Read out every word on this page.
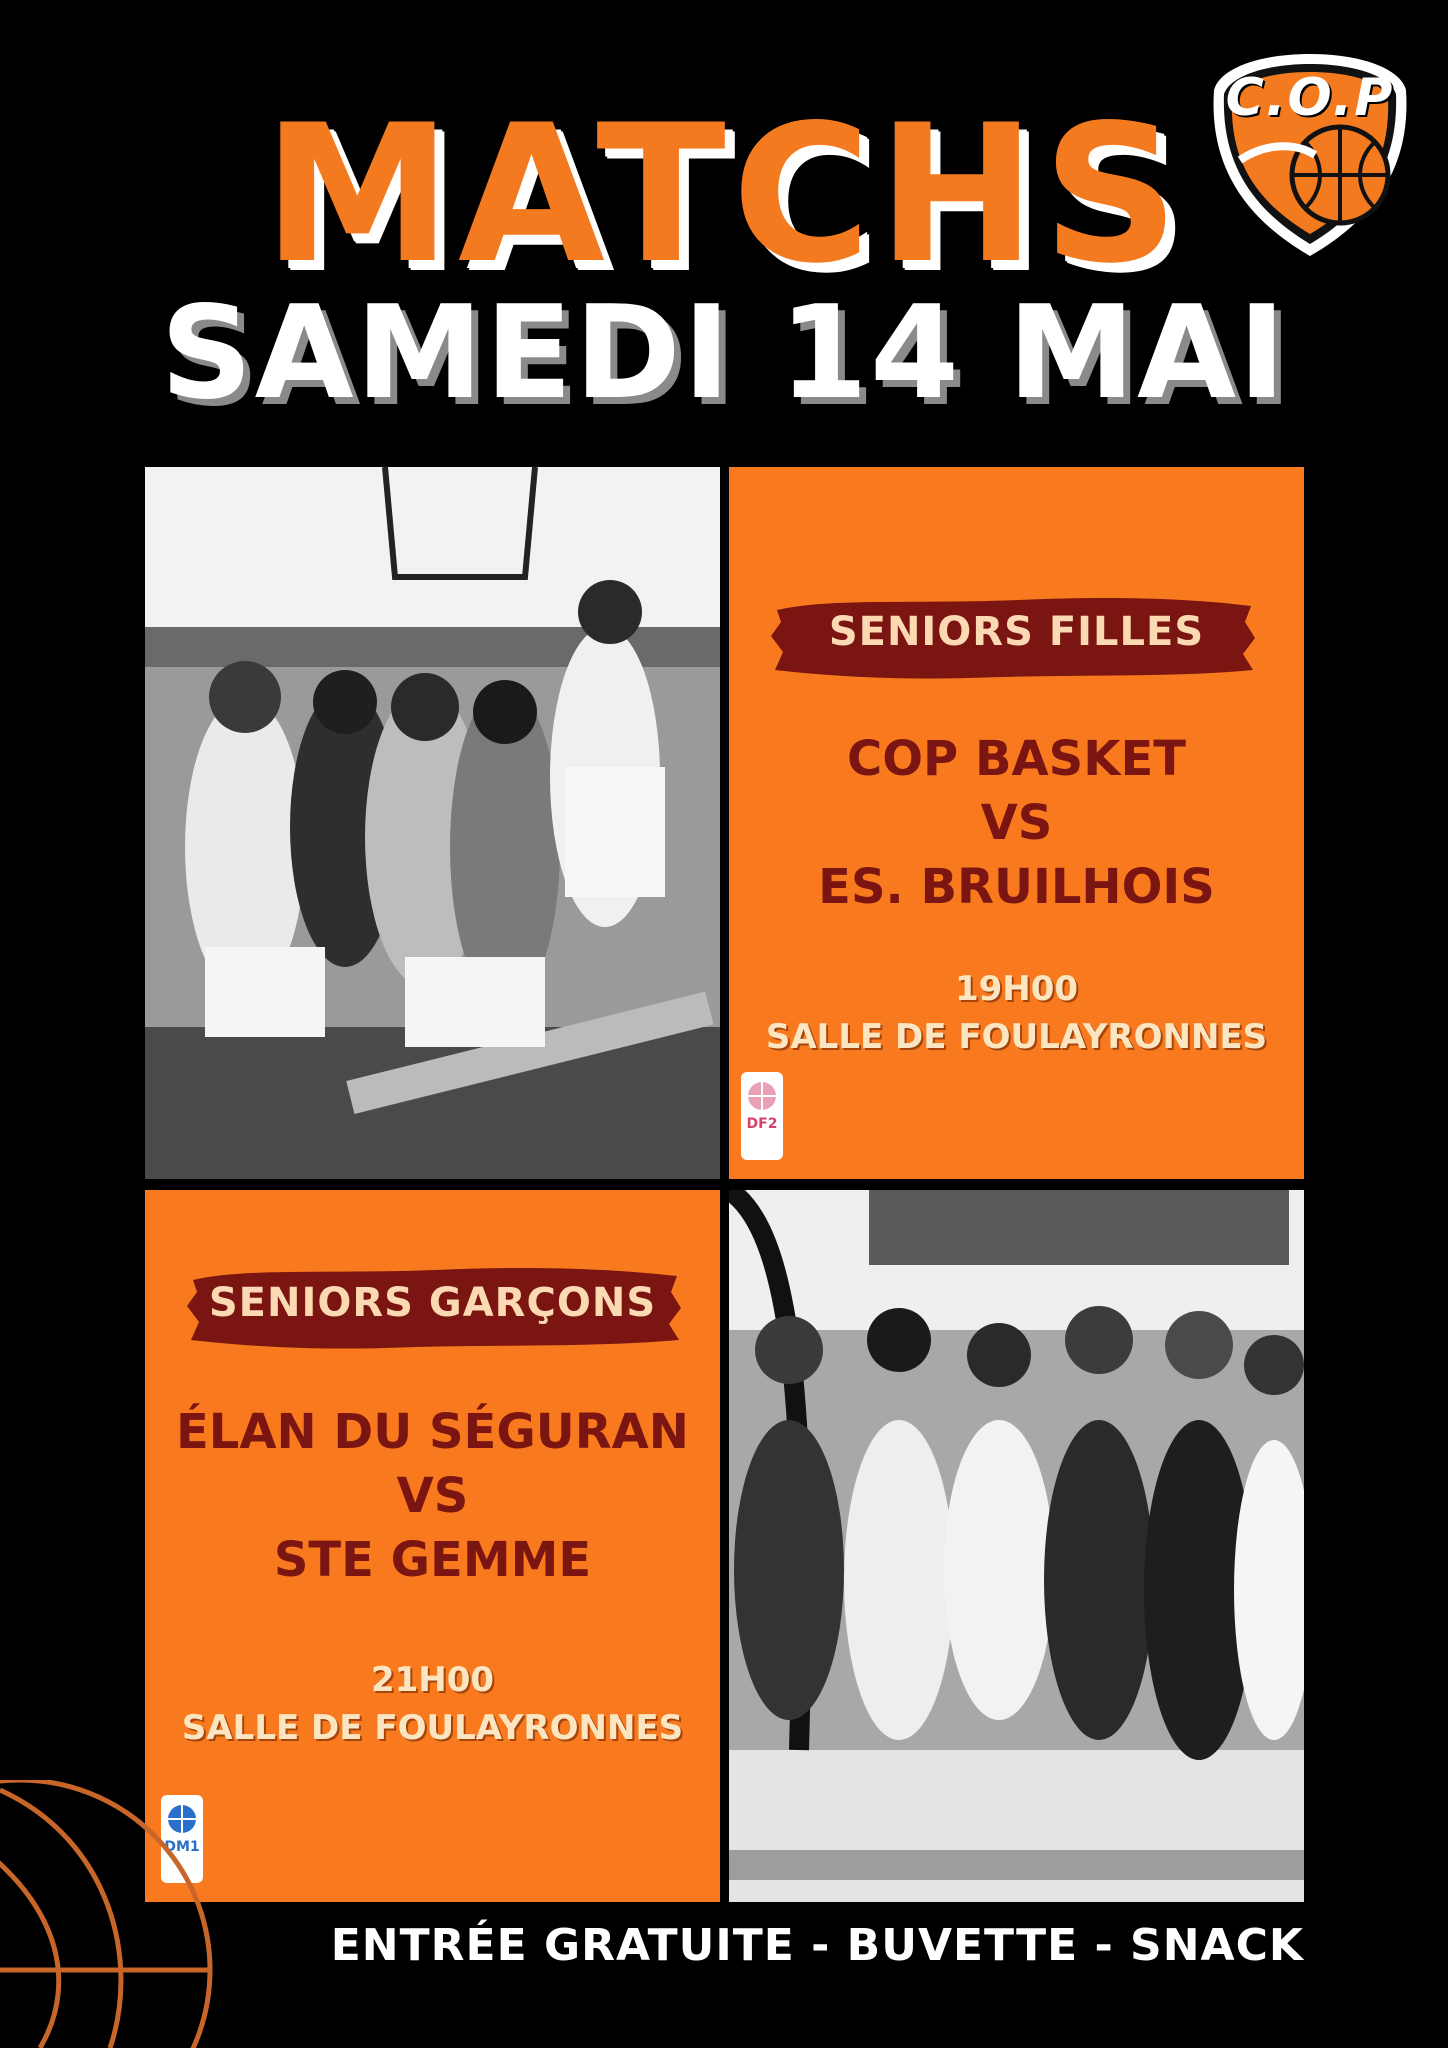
MATCHS
SAMEDI 14 MAI
C.O.P
SENIORS FILLES
COP BASKET
VS
ES. BRUILHOIS
19H00
SALLE DE FOULAYRONNES
DF2
SENIORS GARÇONS
ÉLAN DU SÉGURAN
VS
STE GEMME
21H00
SALLE DE FOULAYRONNES
DM1
ENTRÉE GRATUITE - BUVETTE - SNACK
